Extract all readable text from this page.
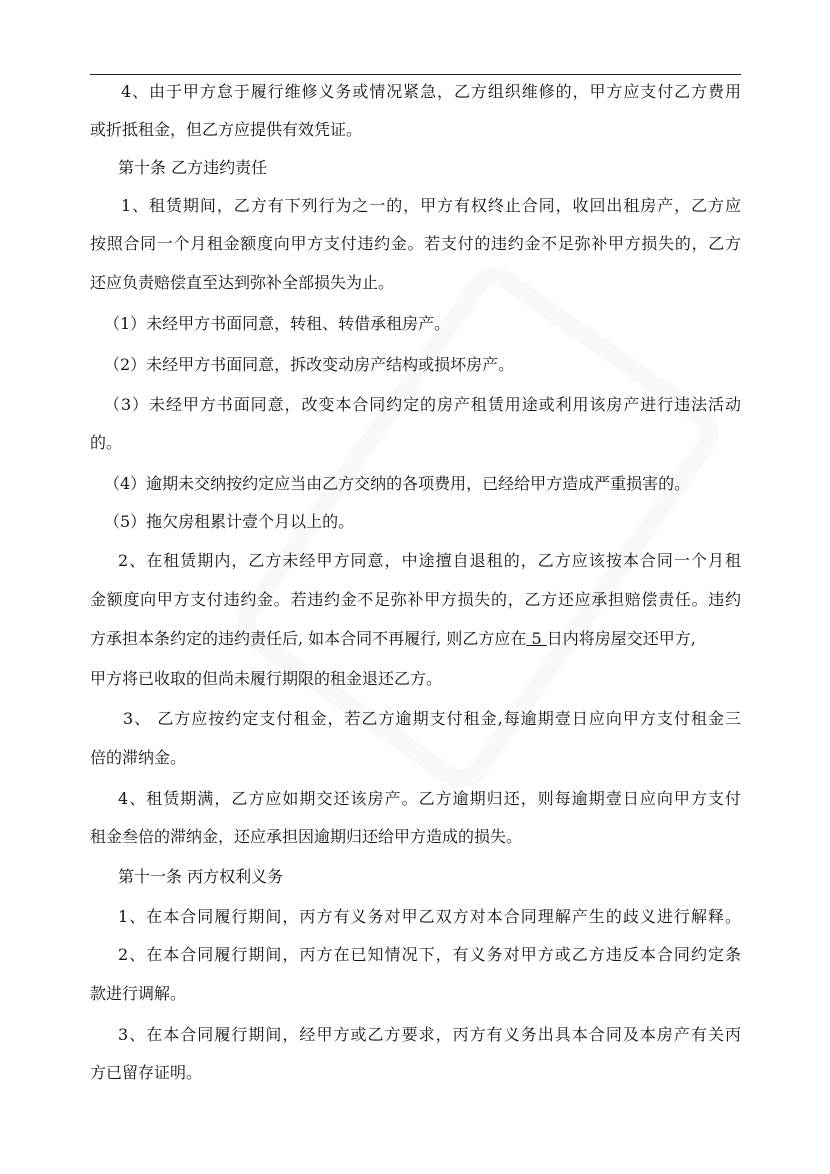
4、由于甲方怠于履行维修义务或情况紧急，乙方组织维修的，甲方应支付乙方费用
或折抵租金，但乙方应提供有效凭证。
第十条 乙方违约责任
1、租赁期间，乙方有下列行为之一的，甲方有权终止合同，收回出租房产，乙方应
按照合同一个月租金额度向甲方支付违约金。若支付的违约金不足弥补甲方损失的，乙方
还应负责赔偿直至达到弥补全部损失为止。
（1）未经甲方书面同意，转租、转借承租房产。
（2）未经甲方书面同意，拆改变动房产结构或损坏房产。
（3）未经甲方书面同意，改变本合同约定的房产租赁用途或利用该房产进行违法活动
的。
（4）逾期未交纳按约定应当由乙方交纳的各项费用，已经给甲方造成严重损害的。
（5）拖欠房租累计壹个月以上的。
2、在租赁期内，乙方未经甲方同意，中途擅自退租的，乙方应该按本合同一个月租
金额度向甲方支付违约金。若违约金不足弥补甲方损失的，乙方还应承担赔偿责任。违约
方承担本条约定的违约责任后, 如本合同不再履行, 则乙方应在 5 日内将房屋交还甲方,
甲方将已收取的但尚未履行期限的租金退还乙方。
3、 乙方应按约定支付租金，若乙方逾期支付租金,每逾期壹日应向甲方支付租金三
倍的滞纳金。
4、租赁期满，乙方应如期交还该房产。乙方逾期归还，则每逾期壹日应向甲方支付
租金叁倍的滞纳金，还应承担因逾期归还给甲方造成的损失。
第十一条 丙方权利义务
1、在本合同履行期间，丙方有义务对甲乙双方对本合同理解产生的歧义进行解释。
2、在本合同履行期间，丙方在已知情况下，有义务对甲方或乙方违反本合同约定条
款进行调解。
3、在本合同履行期间，经甲方或乙方要求，丙方有义务出具本合同及本房产有关丙
方已留存证明。
